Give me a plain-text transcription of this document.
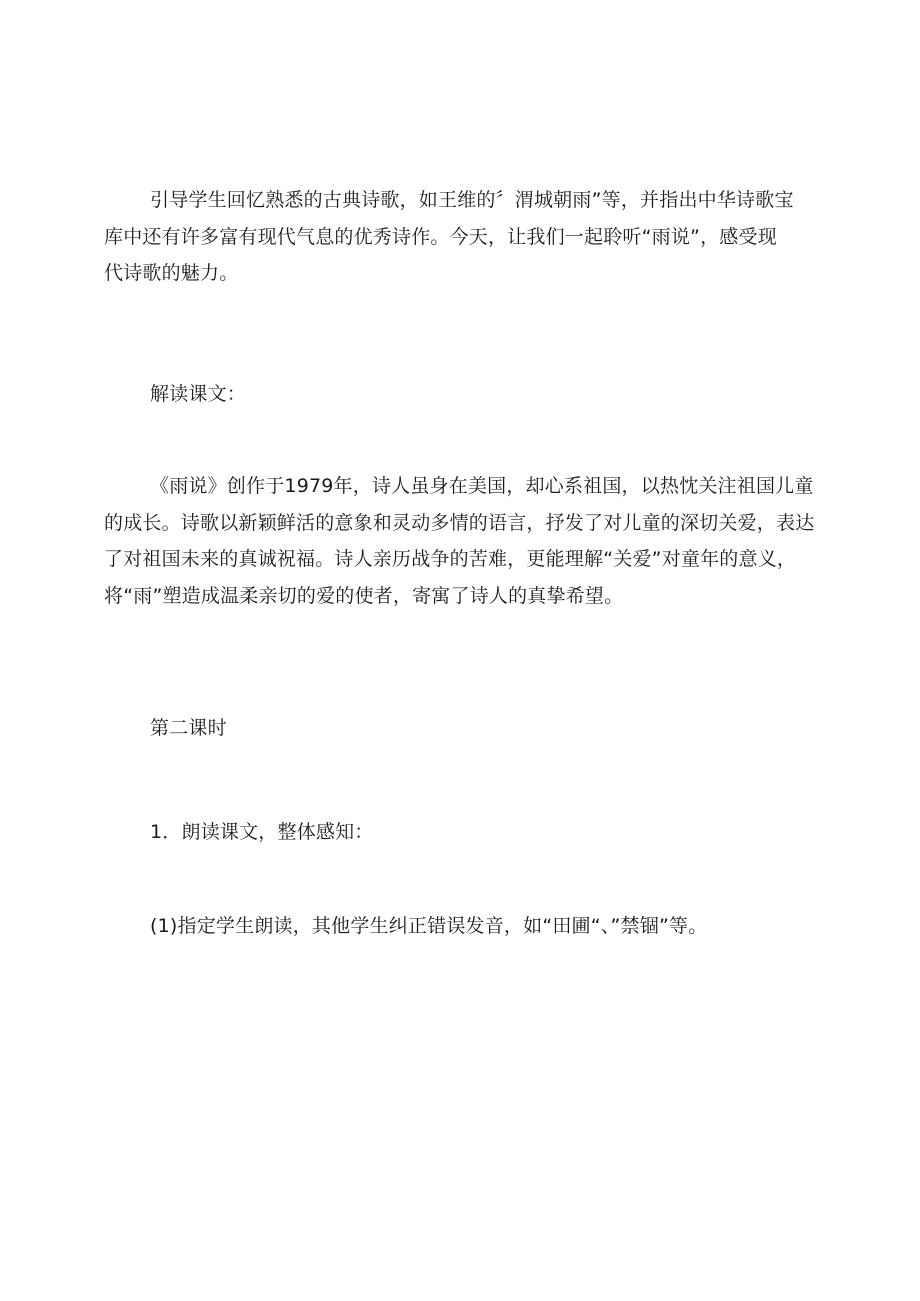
引导学生回忆熟悉的古典诗歌，如王维的〞渭城朝雨”等，并指出中华诗歌宝
库中还有许多富有现代气息的优秀诗作。今天，让我们一起聆听“雨说”，感受现
代诗歌的魅力。
解读课文：
《雨说》创作于1979年，诗人虽身在美国，却心系祖国，以热忱关注祖国儿童
的成长。诗歌以新颖鲜活的意象和灵动多情的语言，抒发了对儿童的深切关爱，表达
了对祖国未来的真诚祝福。诗人亲历战争的苦难，更能理解“关爱”对童年的意义，
将“雨”塑造成温柔亲切的爱的使者，寄寓了诗人的真挚希望。
第二课时
1．朗读课文，整体感知：
(1)指定学生朗读，其他学生纠正错误发音，如“田圃“、”禁锢”等。
